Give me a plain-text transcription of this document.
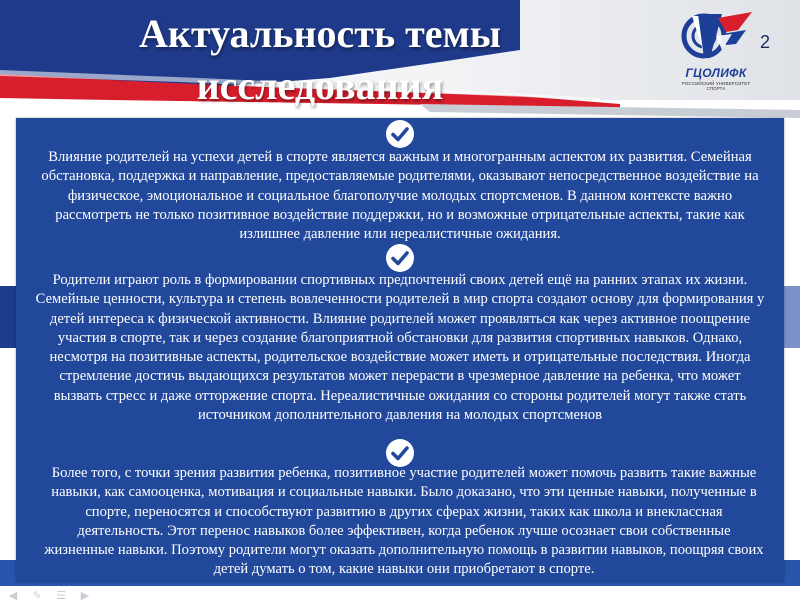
Актуальность темы
исследования	ГЦОЛИФК
РОССИЙСКИЙ УНИВЕРСИТЕТ СПОРТА
2
Влияние родителей на успехи детей в спорте является важным и многогранным аспектом их развития. Семейная обстановка, поддержка и направление, предоставляемые родителями, оказывают непосредственное воздействие на физическое, эмоциональное и социальное благополучие молодых спортсменов. В данном контексте важно рассмотреть не только позитивное воздействие поддержки, но и возможные отрицательные аспекты, такие как излишнее давление или нереалистичные ожидания.
Родители играют роль в формировании спортивных предпочтений своих детей ещё на ранних этапах их жизни. Семейные ценности, культура и степень вовлеченности родителей в мир спорта создают основу для формирования у детей интереса к физической активности. Влияние родителей может проявляться как через активное поощрение участия в спорте, так и через создание благоприятной обстановки для развития спортивных навыков. Однако, несмотря на позитивные аспекты, родительское воздействие может иметь и отрицательные последствия. Иногда стремление достичь выдающихся результатов может перерасти в чрезмерное давление на ребенка, что может вызвать стресс и даже отторжение спорта. Нереалистичные ожидания со стороны родителей могут также стать источником дополнительного давления на молодых спортсменов
Более того, с точки зрения развития ребенка, позитивное участие родителей может помочь развить такие важные навыки, как самооценка, мотивация и социальные навыки. Было доказано, что эти ценные навыки, полученные в спорте, переносятся и способствуют развитию в других сферах жизни, таких как школа и внеклассная деятельность. Этот перенос навыков более эффективен, когда ребенок лучше осознает свои собственные жизненные навыки. Поэтому родители могут оказать дополнительную помощь в развитии навыков, поощряя своих детей думать о том, какие навыки они приобретают в спорте.
◀ ✎ ☰ ▶
